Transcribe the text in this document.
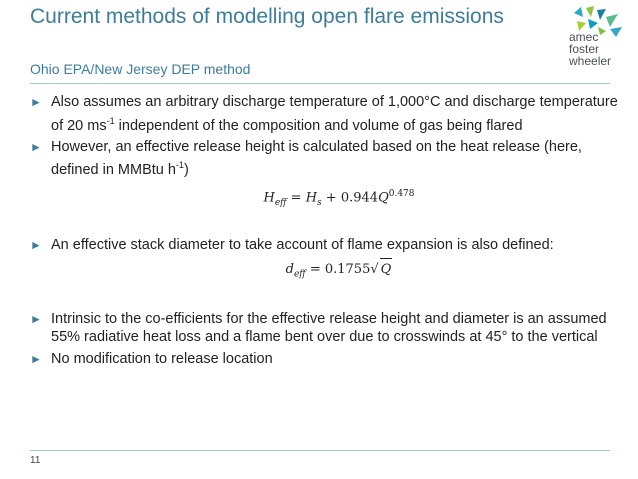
Current methods of modelling open flare emissions
Ohio EPA/New Jersey DEP method
amec
foster
wheeler
► Also assumes an arbitrary discharge temperature of 1,000°C and discharge temperature of 20 $ms^{-1}$ independent of the composition and volume of gas being flared
► However, an effective release height is calculated based on the heat release (here, defined in MMBtu $h^{-1}$)
$H_{eff} = H_s + 0.944Q^{0.478}$
► An effective stack diameter to take account of flame expansion is also defined:
$d_{eff} = 0.1755√$ Q
► Intrinsic to the co-efficients for the effective release height and diameter is an assumed 55% radiative heat loss and a flame bent over due to crosswinds at 45° to the vertical
► No modification to release location
11
